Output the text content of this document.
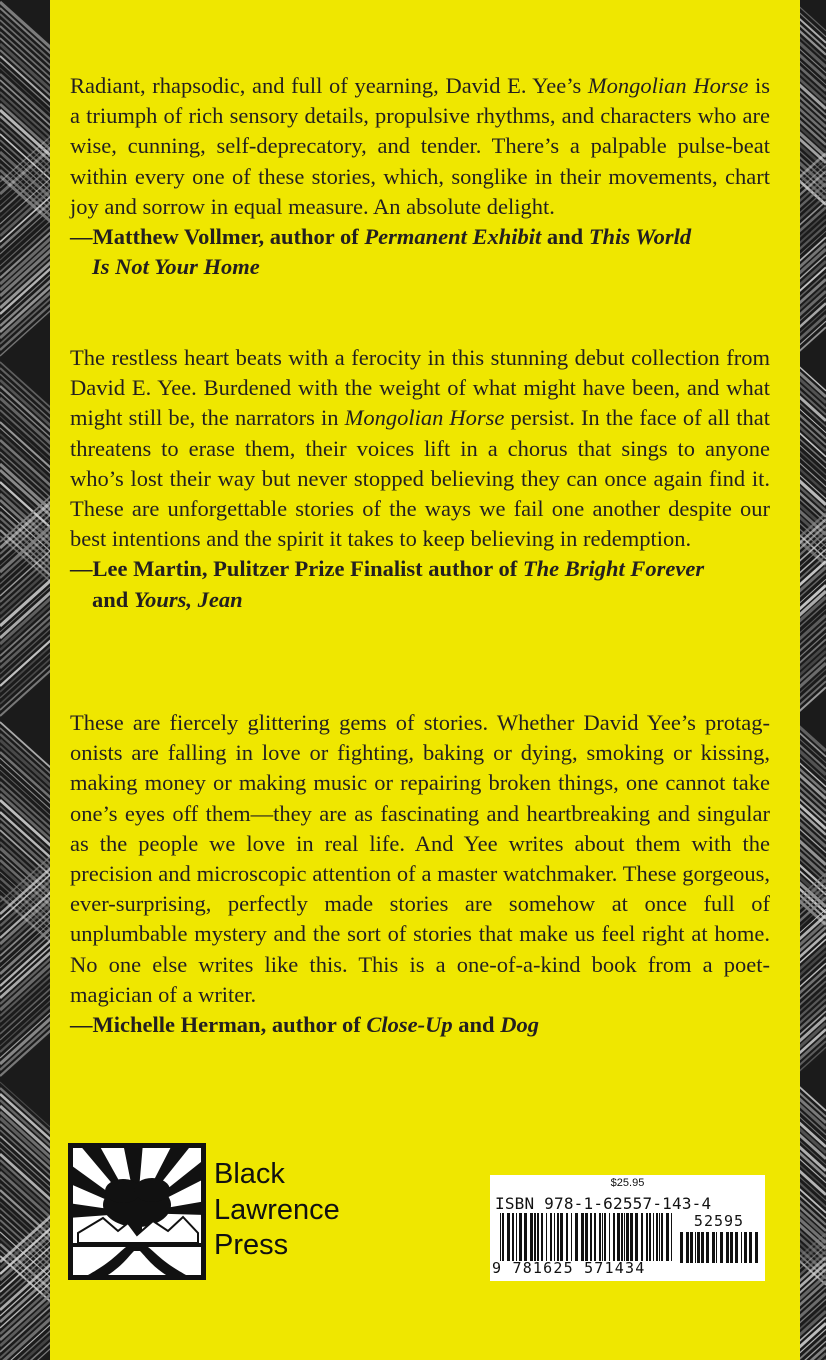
Radiant, rhapsodic, and full of yearning, David E. Yee’s Mongolian Horse is a triumph of rich sensory details, propulsive rhythms, and characters who are wise, cunning, self-deprecatory, and tender. There’s a palpable pulse-beat within every one of these stories, which, songlike in their movements, chart joy and sorrow in equal measure. An absolute delight.

—Matthew Vollmer, author of Permanent Exhibit and This World
Is Not Your Home

The restless heart beats with a ferocity in this stunning debut collection from David E. Yee. Burdened with the weight of what might have been, and what might still be, the narrators in Mongolian Horse persist. In the face of all that threatens to erase them, their voices lift in a chorus that sings to anyone who’s lost their way but never stopped believing they can once again find it. These are unforgettable stories of the ways we fail one another despite our best intentions and the spirit it takes to keep believing in redemption.

—Lee Martin, Pulitzer Prize Finalist author of The Bright Forever
and Yours, Jean

These are fiercely glittering gems of stories. Whether David Yee’s protagonists are falling in love or fighting, baking or dying, smoking or kissing, making money or making music or repairing broken things, one cannot take one’s eyes off them—they are as fascinating and heartbreaking and singular as the people we love in real life. And Yee writes about them with the precision and microscopic attention of a master watchmaker. These gorgeous, ever-surprising, perfectly made stories are somehow at once full of unplumbable mystery and the sort of stories that make us feel right at home. No one else writes like this. This is a one-of-a-kind book from a poet-magician of a writer.

—Michelle Herman, author of Close-Up and Dog
Black
Lawrence
Press
$25.95
ISBN 978-1-62557-143-4
52595
9 781625 571434
